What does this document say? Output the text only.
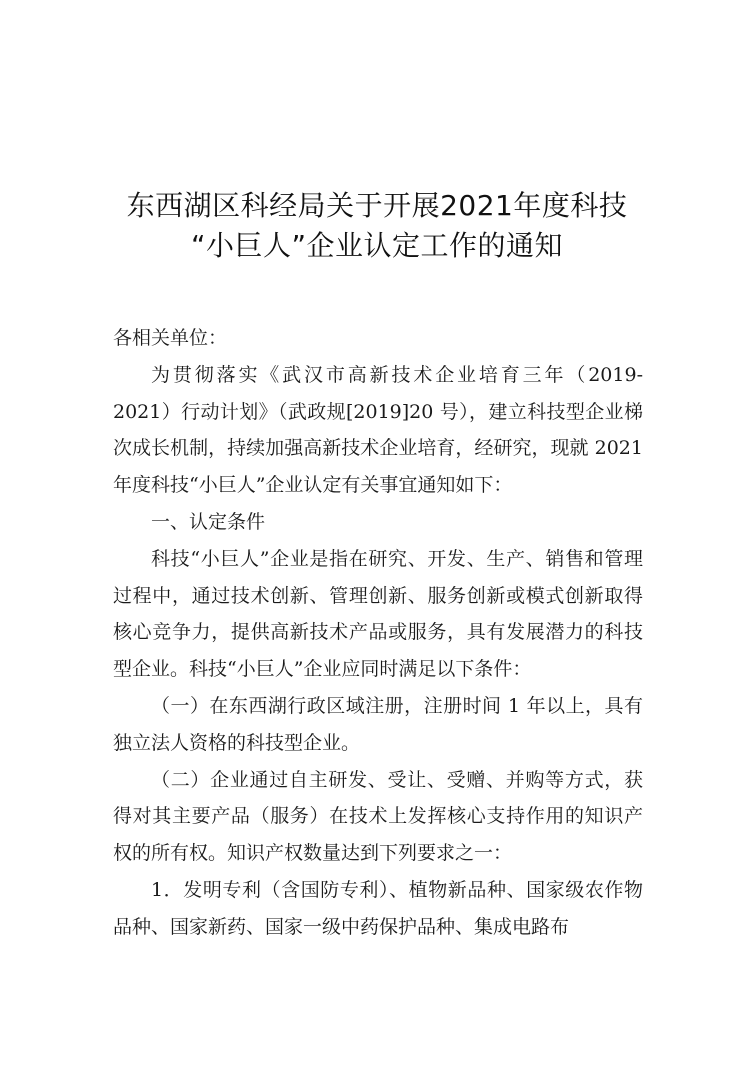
东西湖区科经局关于开展2021年度科技
“小巨人”企业认定工作的通知

各相关单位：

为贯彻落实《武汉市高新技术企业培育三年（2019-2021）行动计划》（武政规[2019]20 号），建立科技型企业梯次成长机制，持续加强高新技术企业培育，经研究，现就 2021 年度科技“小巨人”企业认定有关事宜通知如下：

一、认定条件

科技“小巨人”企业是指在研究、开发、生产、销售和管理过程中，通过技术创新、管理创新、服务创新或模式创新取得核心竞争力，提供高新技术产品或服务，具有发展潜力的科技型企业。科技“小巨人”企业应同时满足以下条件：

（一）在东西湖行政区域注册，注册时间 1 年以上，具有独立法人资格的科技型企业。

（二）企业通过自主研发、受让、受赠、并购等方式，获得对其主要产品（服务）在技术上发挥核心支持作用的知识产权的所有权。知识产权数量达到下列要求之一：

1．发明专利（含国防专利）、植物新品种、国家级农作物品种、国家新药、国家一级中药保护品种、集成电路布
